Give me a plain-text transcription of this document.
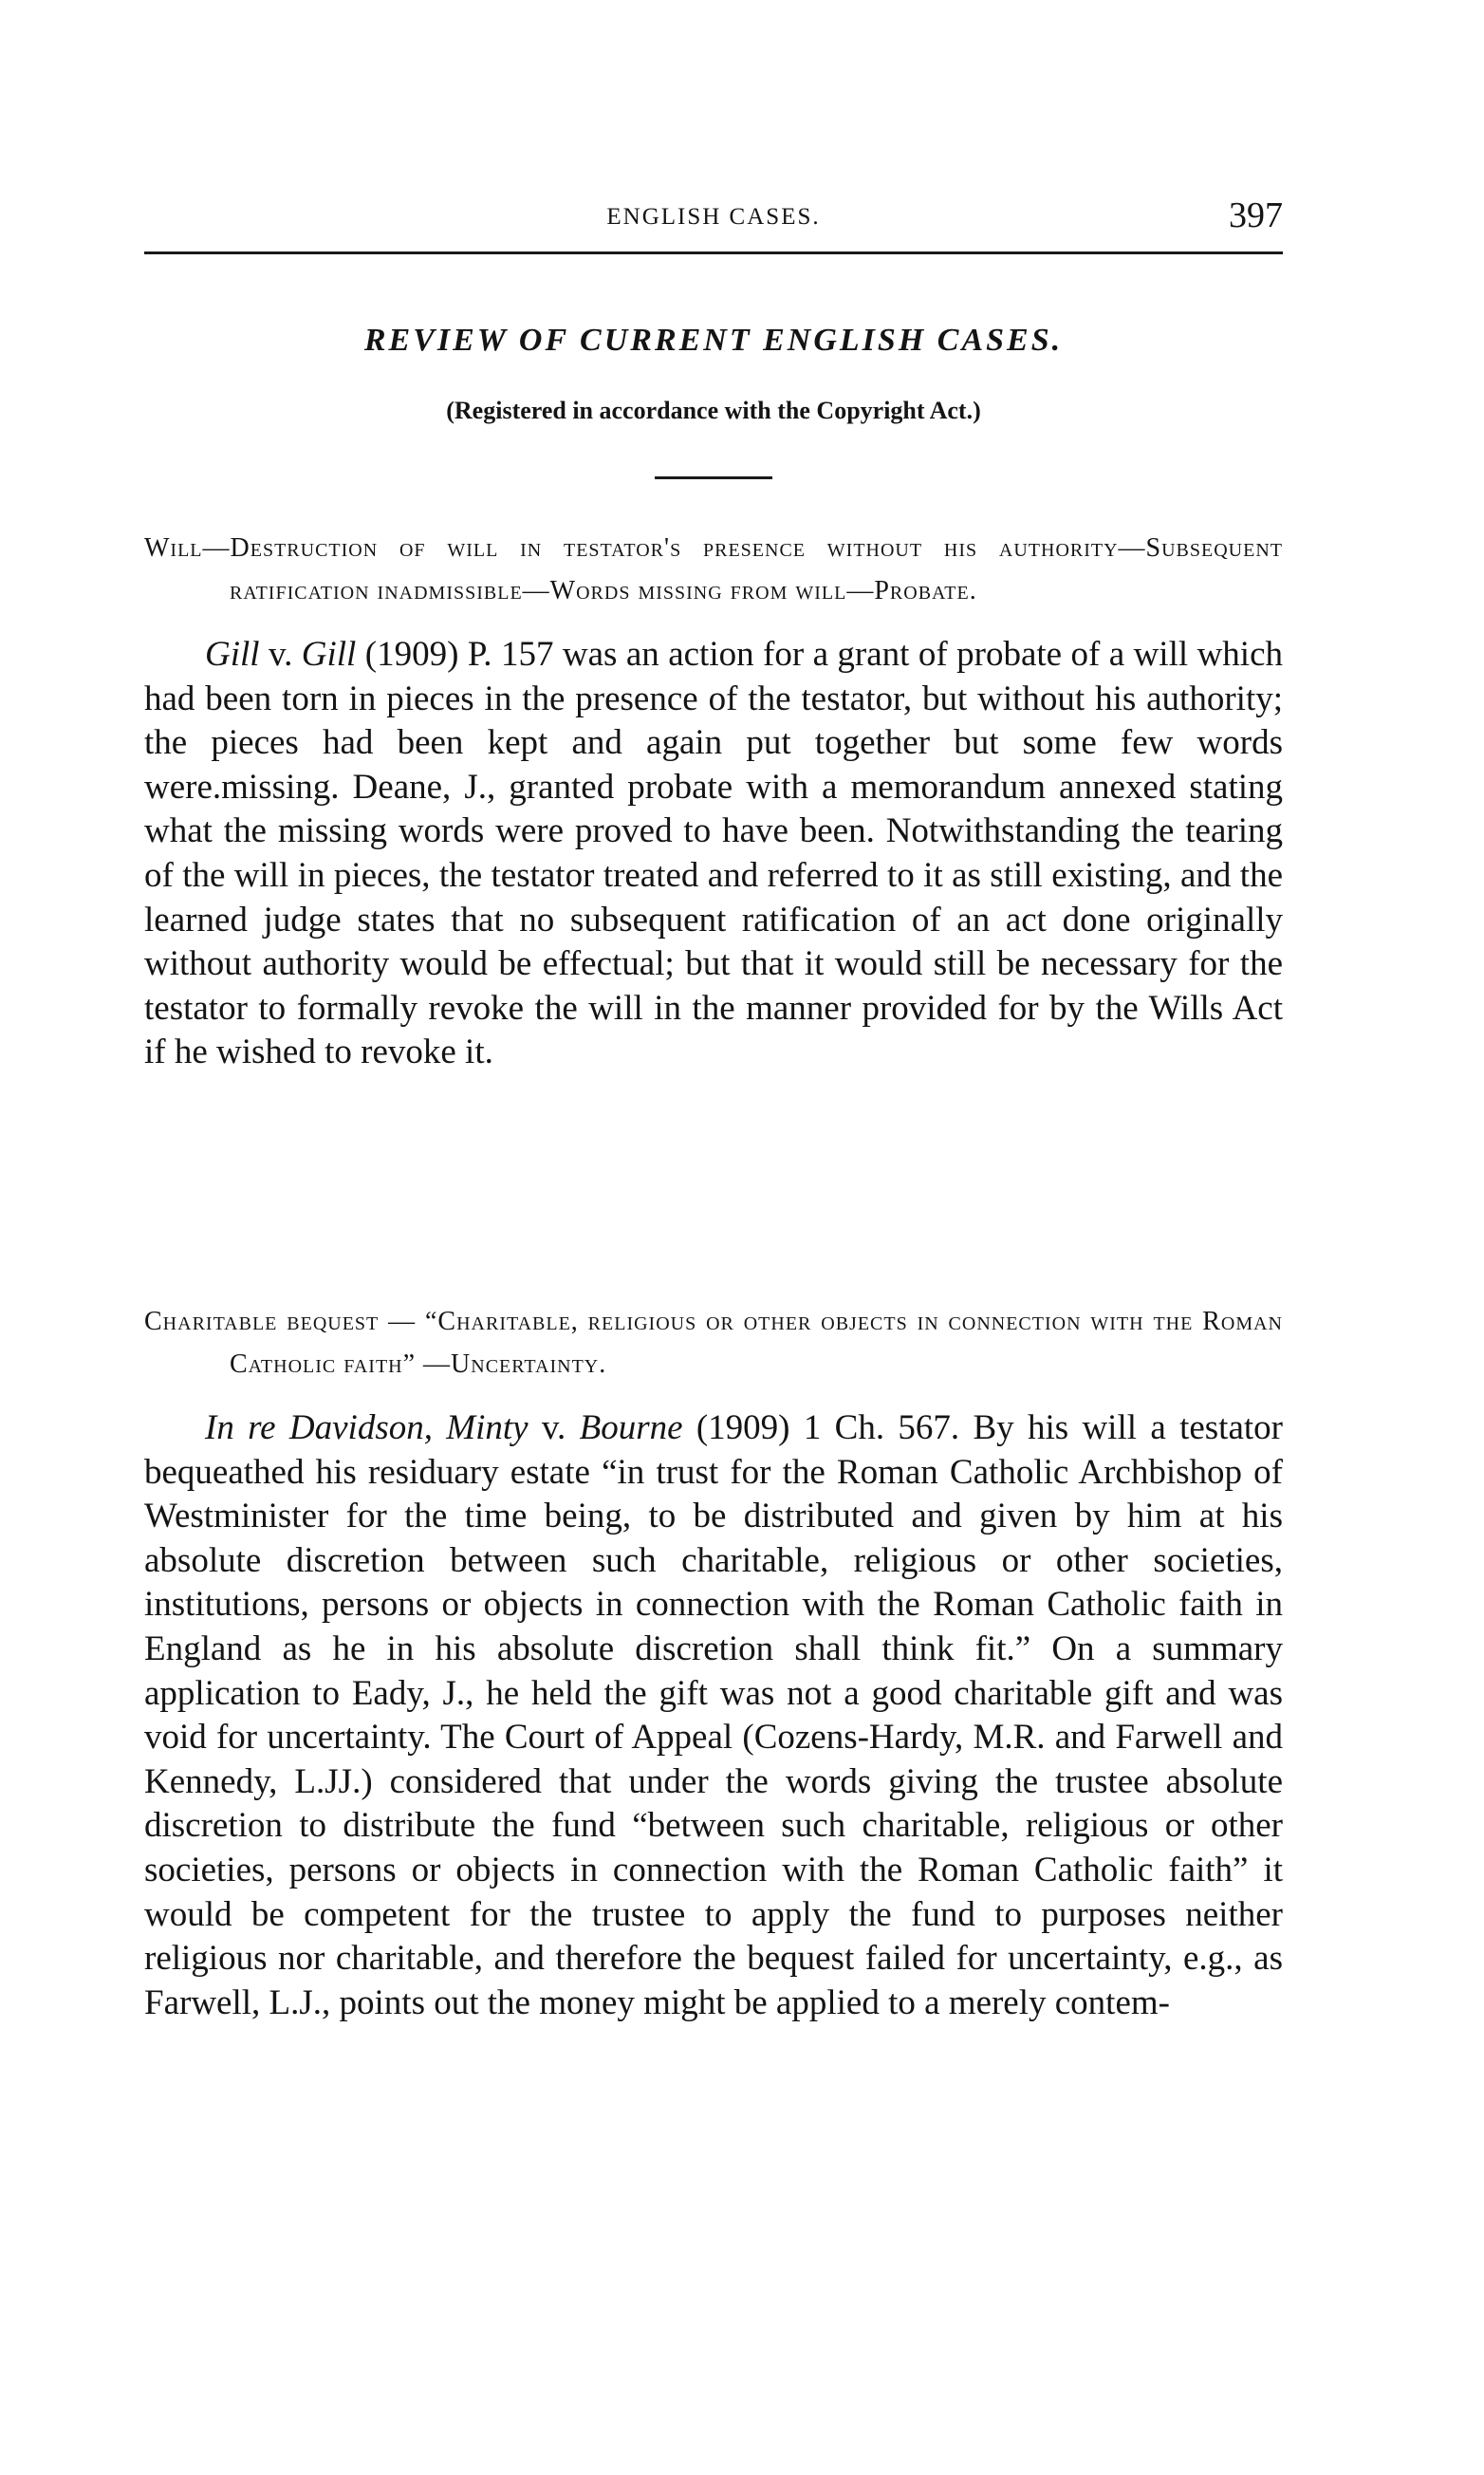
ENGLISH CASES.	397
REVIEW OF CURRENT ENGLISH CASES.
(Registered in accordance with the Copyright Act.)

Will—Destruction of will in testator's presence without his authority—Subsequent ratification inadmissible—Words missing from will—Probate.

Gill v. Gill (1909) P. 157 was an action for a grant of probate of a will which had been torn in pieces in the presence of the testator, but without his authority; the pieces had been kept and again put together but some few words were.missing. Deane, J., granted probate with a memorandum annexed stating what the missing words were proved to have been. Notwithstanding the tearing of the will in pieces, the testator treated and referred to it as still existing, and the learned judge states that no subsequent ratification of an act done originally without authority would be effectual; but that it would still be necessary for the testator to formally revoke the will in the manner provided for by the Wills Act if he wished to revoke it.

Charitable bequest — “Charitable, religious or other objects in connection with the Roman Catholic faith” —Uncertainty.

In re Davidson, Minty v. Bourne (1909) 1 Ch. 567. By his will a testator bequeathed his residuary estate “in trust for the Roman Catholic Archbishop of Westminister for the time being, to be distributed and given by him at his absolute discretion between such charitable, religious or other societies, institutions, persons or objects in connection with the Roman Catholic faith in England as he in his absolute discretion shall think fit.” On a summary application to Eady, J., he held the gift was not a good charitable gift and was void for uncertainty. The Court of Appeal (Cozens-Hardy, M.R. and Farwell and Kennedy, L.JJ.) considered that under the words giving the trustee absolute discretion to distribute the fund “between such charitable, religious or other societies, persons or objects in connection with the Roman Catholic faith” it would be competent for the trustee to apply the fund to purposes neither religious nor charitable, and therefore the bequest failed for uncertainty, e.g., as Farwell, L.J., points out the money might be applied to a merely contem-
